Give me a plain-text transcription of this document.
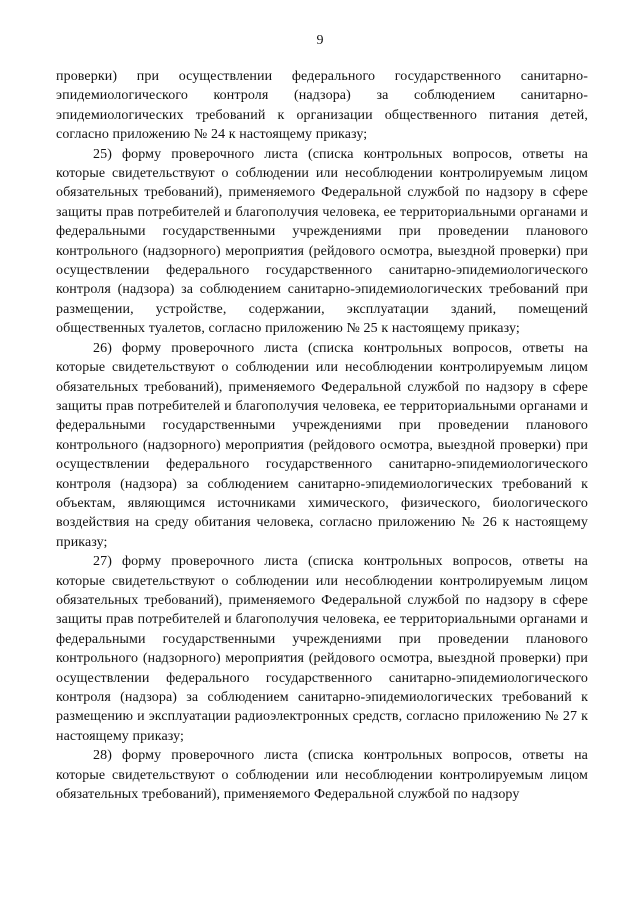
9

проверки) при осуществлении федерального государственного санитарно-эпидемиологического контроля (надзора) за соблюдением санитарно-эпидемиологических требований к организации общественного питания детей, согласно приложению № 24 к настоящему приказу;

25) форму проверочного листа (списка контрольных вопросов, ответы на которые свидетельствуют о соблюдении или несоблюдении контролируемым лицом обязательных требований), применяемого Федеральной службой по надзору в сфере защиты прав потребителей и благополучия человека, ее территориальными органами и федеральными государственными учреждениями при проведении планового контрольного (надзорного) мероприятия (рейдового осмотра, выездной проверки) при осуществлении федерального государственного санитарно-эпидемиологического контроля (надзора) за соблюдением санитарно-эпидемиологических требований при размещении, устройстве, содержании, эксплуатации зданий, помещений общественных туалетов, согласно приложению № 25 к настоящему приказу;

26) форму проверочного листа (списка контрольных вопросов, ответы на которые свидетельствуют о соблюдении или несоблюдении контролируемым лицом обязательных требований), применяемого Федеральной службой по надзору в сфере защиты прав потребителей и благополучия человека, ее территориальными органами и федеральными государственными учреждениями при проведении планового контрольного (надзорного) мероприятия (рейдового осмотра, выездной проверки) при осуществлении федерального государственного санитарно-эпидемиологического контроля (надзора) за соблюдением санитарно-эпидемиологических требований к объектам, являющимся источниками химического, физического, биологического воздействия на среду обитания человека, согласно приложению № 26 к настоящему приказу;

27) форму проверочного листа (списка контрольных вопросов, ответы на которые свидетельствуют о соблюдении или несоблюдении контролируемым лицом обязательных требований), применяемого Федеральной службой по надзору в сфере защиты прав потребителей и благополучия человека, ее территориальными органами и федеральными государственными учреждениями при проведении планового контрольного (надзорного) мероприятия (рейдового осмотра, выездной проверки) при осуществлении федерального государственного санитарно-эпидемиологического контроля (надзора) за соблюдением санитарно-эпидемиологических требований к размещению и эксплуатации радиоэлектронных средств, согласно приложению № 27 к настоящему приказу;

28) форму проверочного листа (списка контрольных вопросов, ответы на которые свидетельствуют о соблюдении или несоблюдении контролируемым лицом обязательных требований), применяемого Федеральной службой по надзору
